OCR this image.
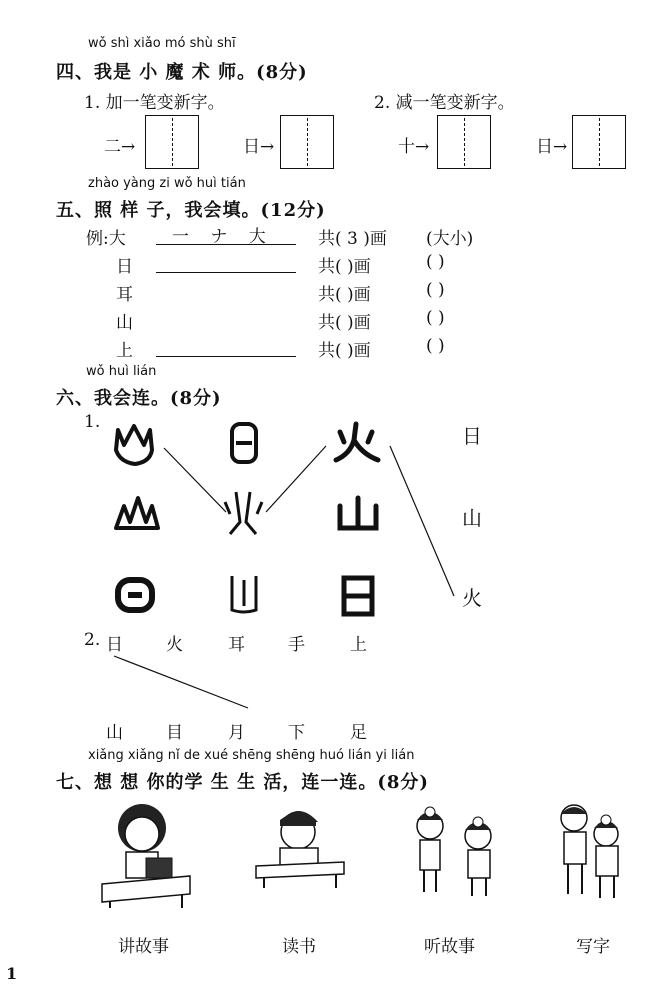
wǒ shì xiǎo mó shù shī
四、我是 小 魔 术 师。(8分)
1. 加一笔变新字。	2. 减一笔变新字。
二→	日→	十→	日→
zhào yàng zi wǒ huì tián
五、照 样 子，我会填。(12分)
例:大	一 ナ 大	共( 3 )画 (大小)
日	共( )画	( )
耳	共( )画	( )
山	共( )画	( )
上	共( )画	( )
wǒ huì lián
六、我会连。(8分)
1.
日
山
火
2. 日	火	耳	手	上
山	目	月	下	足
xiǎng xiǎng nǐ de xué shēng shēng huó lián yi lián
七、想 想 你的学 生 生 活，连一连。(8分)
讲故事	读书	听故事	写字
1
